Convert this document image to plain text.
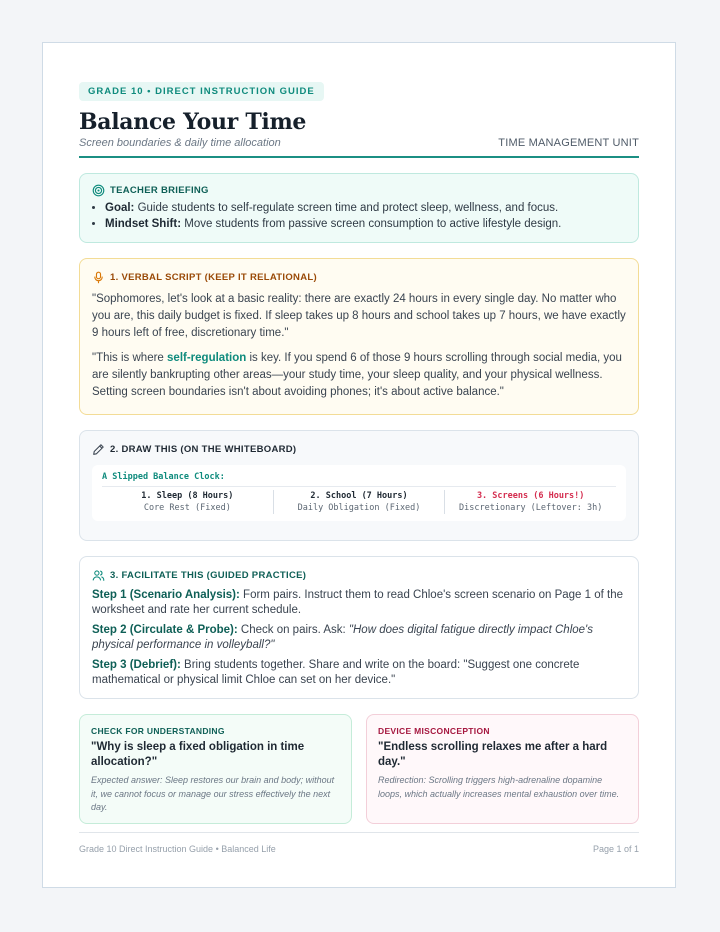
GRADE 10 • DIRECT INSTRUCTION GUIDE
Balance Your Time
Screen boundaries & daily time allocation	TIME MANAGEMENT UNIT
TEACHER BRIEFING
• Goal: Guide students to self-regulate screen time and protect sleep, wellness, and focus.
• Mindset Shift: Move students from passive screen consumption to active lifestyle design.
1. VERBAL SCRIPT (KEEP IT RELATIONAL)

"Sophomores, let's look at a basic reality: there are exactly 24 hours in every single day. No matter who you are, this daily budget is fixed. If sleep takes up 8 hours and school takes up 7 hours, we have exactly 9 hours left of free, discretionary time."

"This is where self-regulation is key. If you spend 6 of those 9 hours scrolling through social media, you are silently bankrupting other areas—your study time, your sleep quality, and your physical wellness. Setting screen boundaries isn't about avoiding phones; it's about active balance."

2. DRAW THIS (ON THE WHITEBOARD)
A Slipped Balance Clock:
1. Sleep (8 Hours)
Core Rest (Fixed)
2. School (7 Hours)
Daily Obligation (Fixed)
3. Screens (6 Hours!)
Discretionary (Leftover: 3h)
3. FACILITATE THIS (GUIDED PRACTICE)

Step 1 (Scenario Analysis): Form pairs. Instruct them to read Chloe's screen scenario on Page 1 of the worksheet and rate her current schedule.

Step 2 (Circulate & Probe): Check on pairs. Ask: "How does digital fatigue directly impact Chloe's physical performance in volleyball?"

Step 3 (Debrief): Bring students together. Share and write on the board: "Suggest one concrete mathematical or physical limit Chloe can set on her device."

CHECK FOR UNDERSTANDING
"Why is sleep a fixed obligation in time allocation?"
Expected answer: Sleep restores our brain and body; without it, we cannot focus or manage our stress effectively the next day.
DEVICE MISCONCEPTION
"Endless scrolling relaxes me after a hard day."
Redirection: Scrolling triggers high-adrenaline dopamine loops, which actually increases mental exhaustion over time.
Grade 10 Direct Instruction Guide • Balanced Life	Page 1 of 1
